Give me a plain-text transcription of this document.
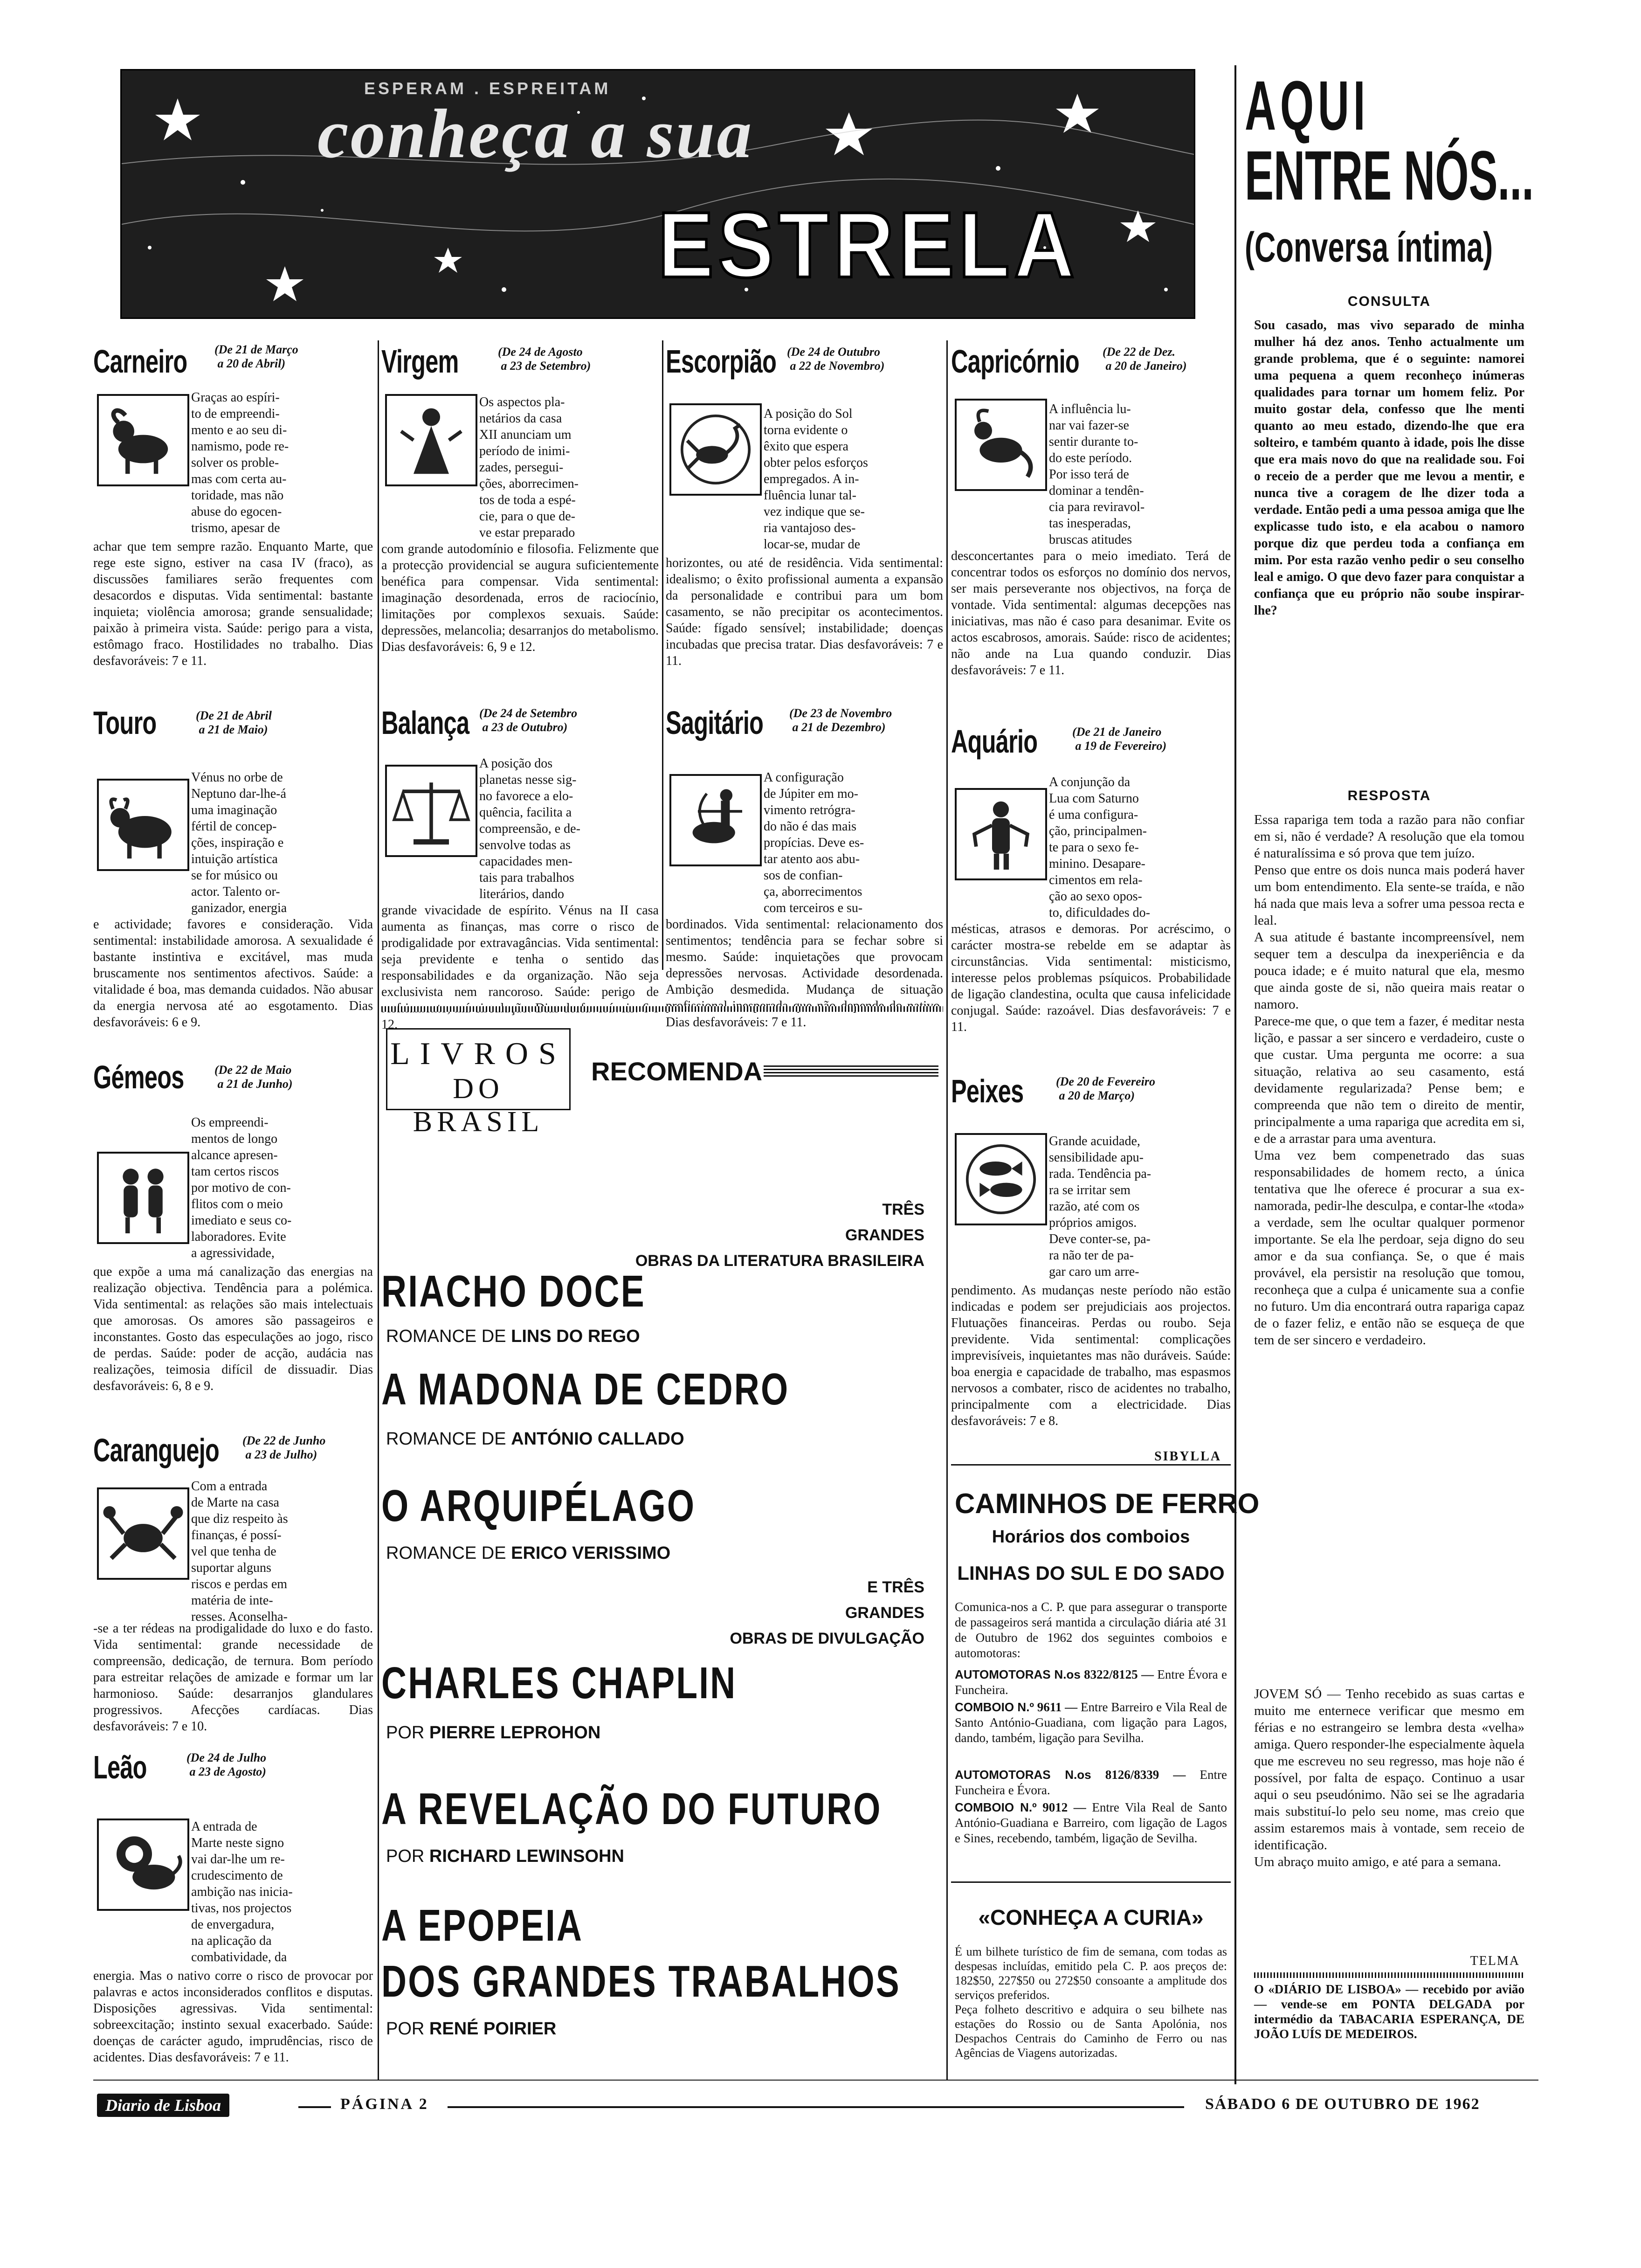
ESPERAM . ESPREITAM
conheça a sua
ESTRELA
Carneiro (De 21 de Março
a 20 de Abril)
Graças ao espíri-
to de empreendi-
mento e ao seu di-
namismo, pode re-
solver os proble-
mas com certa au-
toridade, mas não
abuse do egocen-
trismo, apesar de
achar que tem sempre razão. Enquanto Marte, que rege este signo, estiver na casa IV (fraco), as discussões familiares serão frequentes com desacordos e disputas. Vida sentimental: bastante inquieta; violência amorosa; grande sensualidade; paixão à primeira vista. Saúde: perigo para a vista, estômago fraco. Hostilidades no trabalho. Dias desfavoráveis: 7 e 11.
Touro	(De 21 de Abril
a 21 de Maio)
Vénus no orbe de
Neptuno dar-lhe-á
uma imaginação
fértil de concep-
ções, inspiração e
intuição artística
se for músico ou
actor. Talento or-
ganizador, energia
e actividade; favores e consideração. Vida sentimental: instabilidade amorosa. A sexualidade é bastante instintiva e excitável, mas muda bruscamente nos sentimentos afectivos. Saúde: a vitalidade é boa, mas demanda cuidados. Não abusar da energia nervosa até ao esgotamento. Dias desfavoráveis: 6 e 9.
Gémeos	(De 22 de Maio
a 21 de Junho)
Os empreendi-
mentos de longo
alcance apresen-
tam certos riscos
por motivo de con-
flitos com o meio
imediato e seus co-
laboradores. Evite
a agressividade,
que expõe a uma má canalização das energias na realização objectiva. Tendência para a polémica. Vida sentimental: as relações são mais intelectuais que amorosas. Os amores são passageiros e inconstantes. Gosto das especulações ao jogo, risco de perdas. Saúde: poder de acção, audácia nas realizações, teimosia difícil de dissuadir. Dias desfavoráveis: 6, 8 e 9.
Caranguejo (De 22 de Junho
a 23 de Julho)
Com a entrada
de Marte na casa
que diz respeito às
finanças, é possí-
vel que tenha de
suportar alguns
riscos e perdas em
matéria de inte-
resses. Aconselha-
-se a ter rédeas na prodigalidade do luxo e do fasto. Vida sentimental: grande necessidade de compreensão, dedicação, de ternura. Bom período para estreitar relações de amizade e formar um lar harmonioso. Saúde: desarranjos glandulares progressivos. Afecções cardíacas. Dias desfavoráveis: 7 e 10.
Leão	(De 24 de Julho
a 23 de Agosto)
A entrada de
Marte neste signo
vai dar-lhe um re-
crudescimento de
ambição nas inicia-
tivas, nos projectos
de envergadura,
na aplicação da
combatividade, da
energia. Mas o nativo corre o risco de provocar por palavras e actos inconsiderados conflitos e disputas. Disposições agressivas. Vida sentimental: sobreexcitação; instinto sexual exacerbado. Saúde: doenças de carácter agudo, imprudências, risco de acidentes. Dias desfavoráveis: 7 e 11.
Virgem	(De 24 de Agosto
a 23 de Setembro)
Os aspectos pla-
netários da casa
XII anunciam um
período de inimi-
zades, persegui-
ções, aborrecimen-
tos de toda a espé-
cie, para o que de-
ve estar preparado
com grande autodomínio e filosofia. Felizmente que a protecção providencial se augura suficientemente benéfica para compensar. Vida sentimental: imaginação desordenada, erros de raciocínio, limitações por complexos sexuais. Saúde: depressões, melancolia; desarranjos do metabolismo. Dias desfavoráveis: 6, 9 e 12.
Balança (De 24 de Setembro
a 23 de Outubro)
A posição dos
planetas nesse sig-
no favorece a elo-
quência, facilita a
compreensão, e de-
senvolve todas as
capacidades men-
tais para trabalhos
literários, dando
grande vivacidade de espírito. Vénus na II casa aumenta as finanças, mas corre o risco de prodigalidade por extravagâncias. Vida sentimental: seja previdente e tenha o sentido das responsabilidades e da organização. Não seja exclusivista nem rancoroso. Saúde: perigo de 12.
Escorpião (De 24 de Outubro
a 22 de Novembro)
A posição do Sol
torna evidente o
êxito que espera
obter pelos esforços
empregados. A in-
fluência lunar tal-
vez indique que se-
ria vantajoso des-
locar-se, mudar de
horizontes, ou até de residência. Vida sentimental: idealismo; o êxito profissional aumenta a expansão da personalidade e contribui para um bom casamento, se não precipitar os acontecimentos. Saúde: fígado sensível; instabilidade; doenças incubadas que precisa tratar. Dias desfavoráveis: 7 e 11.
Sagitário (De 23 de Novembro
a 21 de Dezembro)
A configuração
de Júpiter em mo-
vimento retrógra-
do não é das mais
propícias. Deve es-
tar atento aos abu-
sos de confian-
ça, aborrecimentos
com terceiros e su-
bordinados. Vida sentimental: relacionamento dos sentimentos; tendência para se fechar sobre si mesmo. Saúde: inquietações que provocam depressões nervosas. Actividade desordenada. Ambição desmedida. Mudança de situação Dias desfavoráveis: 7 e 11.
Capricórnio (De 22 de Dez.
a 20 de Janeiro)
A influência lu-
nar vai fazer-se
sentir durante to-
do este período.
Por isso terá de
dominar a tendên-
cia para reviravol-
tas inesperadas,
bruscas atitudes
desconcertantes para o meio imediato. Terá de concentrar todos os esforços no domínio dos nervos, ser mais perseverante nos objectivos, na força de vontade. Vida sentimental: algumas decepções nas iniciativas, mas não é caso para desanimar. Evite os actos escabrosos, amorais. Saúde: risco de acidentes; não ande na Lua quando conduzir. Dias desfavoráveis: 7 e 11.
Aquário	(De 21 de Janeiro
a 19 de Fevereiro)
A conjunção da
Lua com Saturno
é uma configura-
ção, principalmen-
te para o sexo fe-
minino. Desapare-
cimentos em rela-
ção ao sexo opos-
to, dificuldades do-
mésticas, atrasos e demoras. Por acréscimo, o carácter mostra-se rebelde em se adaptar às circunstâncias. Vida sentimental: misticismo, interesse pelos problemas psíquicos. Probabilidade de ligação clandestina, oculta que causa infelicidade conjugal. Saúde: razoável. Dias desfavoráveis: 7 e 11.
Peixes	(De 20 de Fevereiro
a 20 de Março)
Grande acuidade,
sensibilidade apu-
rada. Tendência pa-
ra se irritar sem
razão, até com os
próprios amigos.
Deve conter-se, pa-
ra não ter de pa-
gar caro um arre-
pendimento. As mudanças neste período não estão indicadas e podem ser prejudiciais aos projectos. Flutuações financeiras. Perdas ou roubo. Seja previdente. Vida sentimental: complicações imprevisíveis, inquietantes mas não duráveis. Saúde: boa energia e capacidade de trabalho, mas espasmos nervosos a combater, risco de acidentes no trabalho, principalmente com a electricidade. Dias desfavoráveis: 7 e 8.
SIBYLLA
LIVROS
DO BRASIL
RECOMENDA
TRÊS
GRANDES
OBRAS DA LITERATURA BRASILEIRA
RIACHO DOCE
ROMANCE DE LINS DO REGO
A MADONA DE CEDRO
ROMANCE DE ANTÓNIO CALLADO
O ARQUIPÉLAGO
ROMANCE DE ERICO VERISSIMO
E TRÊS
GRANDES
OBRAS DE DIVULGAÇÃO
CHARLES CHAPLIN
POR PIERRE LEPROHON
A REVELAÇÃO DO FUTURO
POR RICHARD LEWINSOHN
A EPOPEIA
DOS GRANDES TRABALHOS
POR RENÉ POIRIER
CAMINHOS DE FERRO
Horários dos comboios
LINHAS DO SUL E DO SADO
Comunica-nos a C. P. que para assegurar o transporte de passageiros será mantida a circulação diária até 31 de Outubro de 1962 dos seguintes comboios e automotoras:
AUTOMOTORAS N.os 8322/8125 — Entre Évora e Funcheira.
COMBOIO N.º 9611 — Entre Barreiro e Vila Real de Santo António-Guadiana, com ligação para Lagos, dando, também, ligação para Sevilha.
AUTOMOTORAS N.os 8126/8339 — Entre Funcheira e Évora.
COMBOIO N.º 9012 — Entre Vila Real de Santo António-Guadiana e Barreiro, com ligação de Lagos e Sines, recebendo, também, ligação de Sevilha.
«CONHEÇA A CURIA»
É um bilhete turístico de fim de semana, com todas as despesas incluídas, emitido pela C. P. aos preços de: 182$50, 227$50 ou 272$50 consoante a amplitude dos serviços preferidos.
Peça folheto descritivo e adquira o seu bilhete nas estações do Rossio ou de Santa Apolónia, nos Despachos Centrais do Caminho de Ferro ou nas Agências de Viagens autorizadas.
AQUI
ENTRE NÓS...
(Conversa íntima)
CONSULTA
Sou casado, mas vivo separado de minha mulher há dez anos. Tenho actualmente um grande problema, que é o seguinte: namorei uma pequena a quem reconheço inúmeras qualidades para tornar um homem feliz. Por muito gostar dela, confesso que lhe menti quanto ao meu estado, dizendo-lhe que era solteiro, e também quanto à idade, pois lhe disse que era mais novo do que na realidade sou. Foi o receio de a perder que me levou a mentir, e nunca tive a coragem de lhe dizer toda a verdade. Então pedi a uma pessoa amiga que lhe explicasse tudo isto, e ela acabou o namoro porque diz que perdeu toda a confiança em mim. Por esta razão venho pedir o seu conselho leal e amigo. O que devo fazer para conquistar a confiança que eu próprio não soube inspirar-lhe?
RESPOSTA
Essa rapariga tem toda a razão para não confiar em si, não é verdade? A resolução que ela tomou é naturalíssima e só prova que tem juízo.
Penso que entre os dois nunca mais poderá haver um bom entendimento. Ela sente-se traída, e não há nada que mais leva a sofrer uma pessoa recta e leal.
A sua atitude é bastante incompreensível, nem sequer tem a desculpa da inexperiência e da pouca idade; e é muito natural que ela, mesmo que ainda goste de si, não queira mais reatar o namoro.
Parece-me que, o que tem a fazer, é meditar nesta lição, e passar a ser sincero e verdadeiro, custe o que custar. Uma pergunta me ocorre: a sua situação, relativa ao seu casamento, está devidamente regularizada? Pense bem; e compreenda que não tem o direito de mentir, principalmente a uma rapariga que acredita em si, e de a arrastar para uma aventura.
Uma vez bem compenetrado das suas responsabilidades de homem recto, a única tentativa que lhe oferece é procurar a sua ex-namorada, pedir-lhe desculpa, e contar-lhe «toda» a verdade, sem lhe ocultar qualquer pormenor importante. Se ela lhe perdoar, seja digno do seu amor e da sua confiança. Se, o que é mais provável, ela persistir na resolução que tomou, reconheça que a culpa é unicamente sua a confie no futuro. Um dia encontrará outra rapariga capaz de o fazer feliz, e então não se esqueça de que tem de ser sincero e verdadeiro.
JOVEM SÓ — Tenho recebido as suas cartas e muito me enternece verificar que mesmo em férias e no estrangeiro se lembra desta «velha» amiga. Quero responder-lhe especialmente àquela que me escreveu no seu regresso, mas hoje não é possível, por falta de espaço. Continuo a usar aqui o seu pseudónimo. Não sei se lhe agradaria mais substituí-lo pelo seu nome, mas creio que assim estaremos mais à vontade, sem receio de identificação.
Um abraço muito amigo, e até para a semana.
TELMA
O «DIÁRIO DE LISBOA» — recebido por avião — vende-se em PONTA DELGADA por intermédio da TABACARIA ESPERANÇA, DE JOÃO LUÍS DE MEDEIROS.
Diario de Lisboa	PÁGINA 2	SÁBADO 6 DE OUTUBRO DE 1962
